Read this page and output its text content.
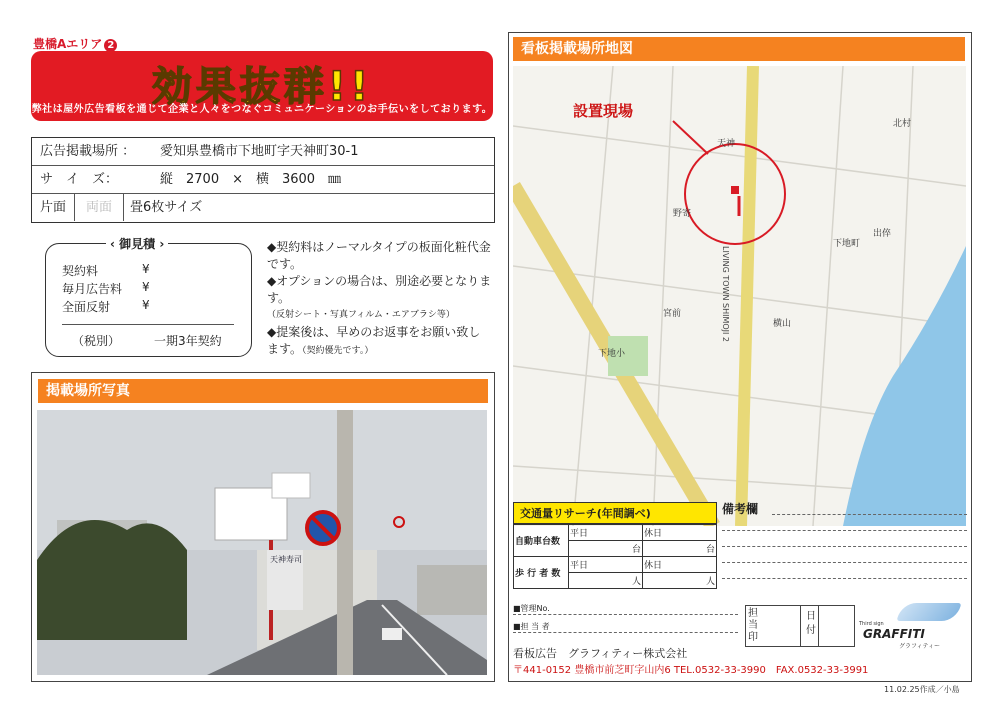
豊橋Aエリア 2
効果抜群!!
弊社は屋外広告看板を通じて企業と人々をつなぐコミュニケーションのお手伝いをしております。
広告掲載場所 ： 愛知県豊橋市下地町字天神町30-1
サ　イ　ズ：	縦　2700　×　横　3600　㎜
片面	両面	畳6枚サイズ
‹ 御見積 ›
契約料	¥
毎月広告料 ¥
全面反射	¥
（税別）	一期3年契約
◆契約料はノーマルタイプの板面化粧代金です。
◆オプションの場合は、別途必要となります。
（反射シート・写真フィルム・エアブラシ等）
◆提案後は、早めのお返事をお願い致します。（契約優先です。）
掲載場所写真
天神寿司
看板掲載場所地図
天神
下地町
下地小
野寄
宮前
北村
出倅
横山
設置現場
LIVING TOWN SHIMOJI 2
交通量リサーチ(年間調べ)
自動車台数	平日	休日
	台	台
歩 行 者 数	平日	休日
	人	人
備考欄
■管理No.
■担 当 者
担当印
日付
Third sign
GRAFFITI
グラフィティー
看板広告　グラフィティー株式会社
〒441-0152 豊橋市前芝町字山内6 TEL.0532-33-3990　FAX.0532-33-3991
11.02.25作成／小島
